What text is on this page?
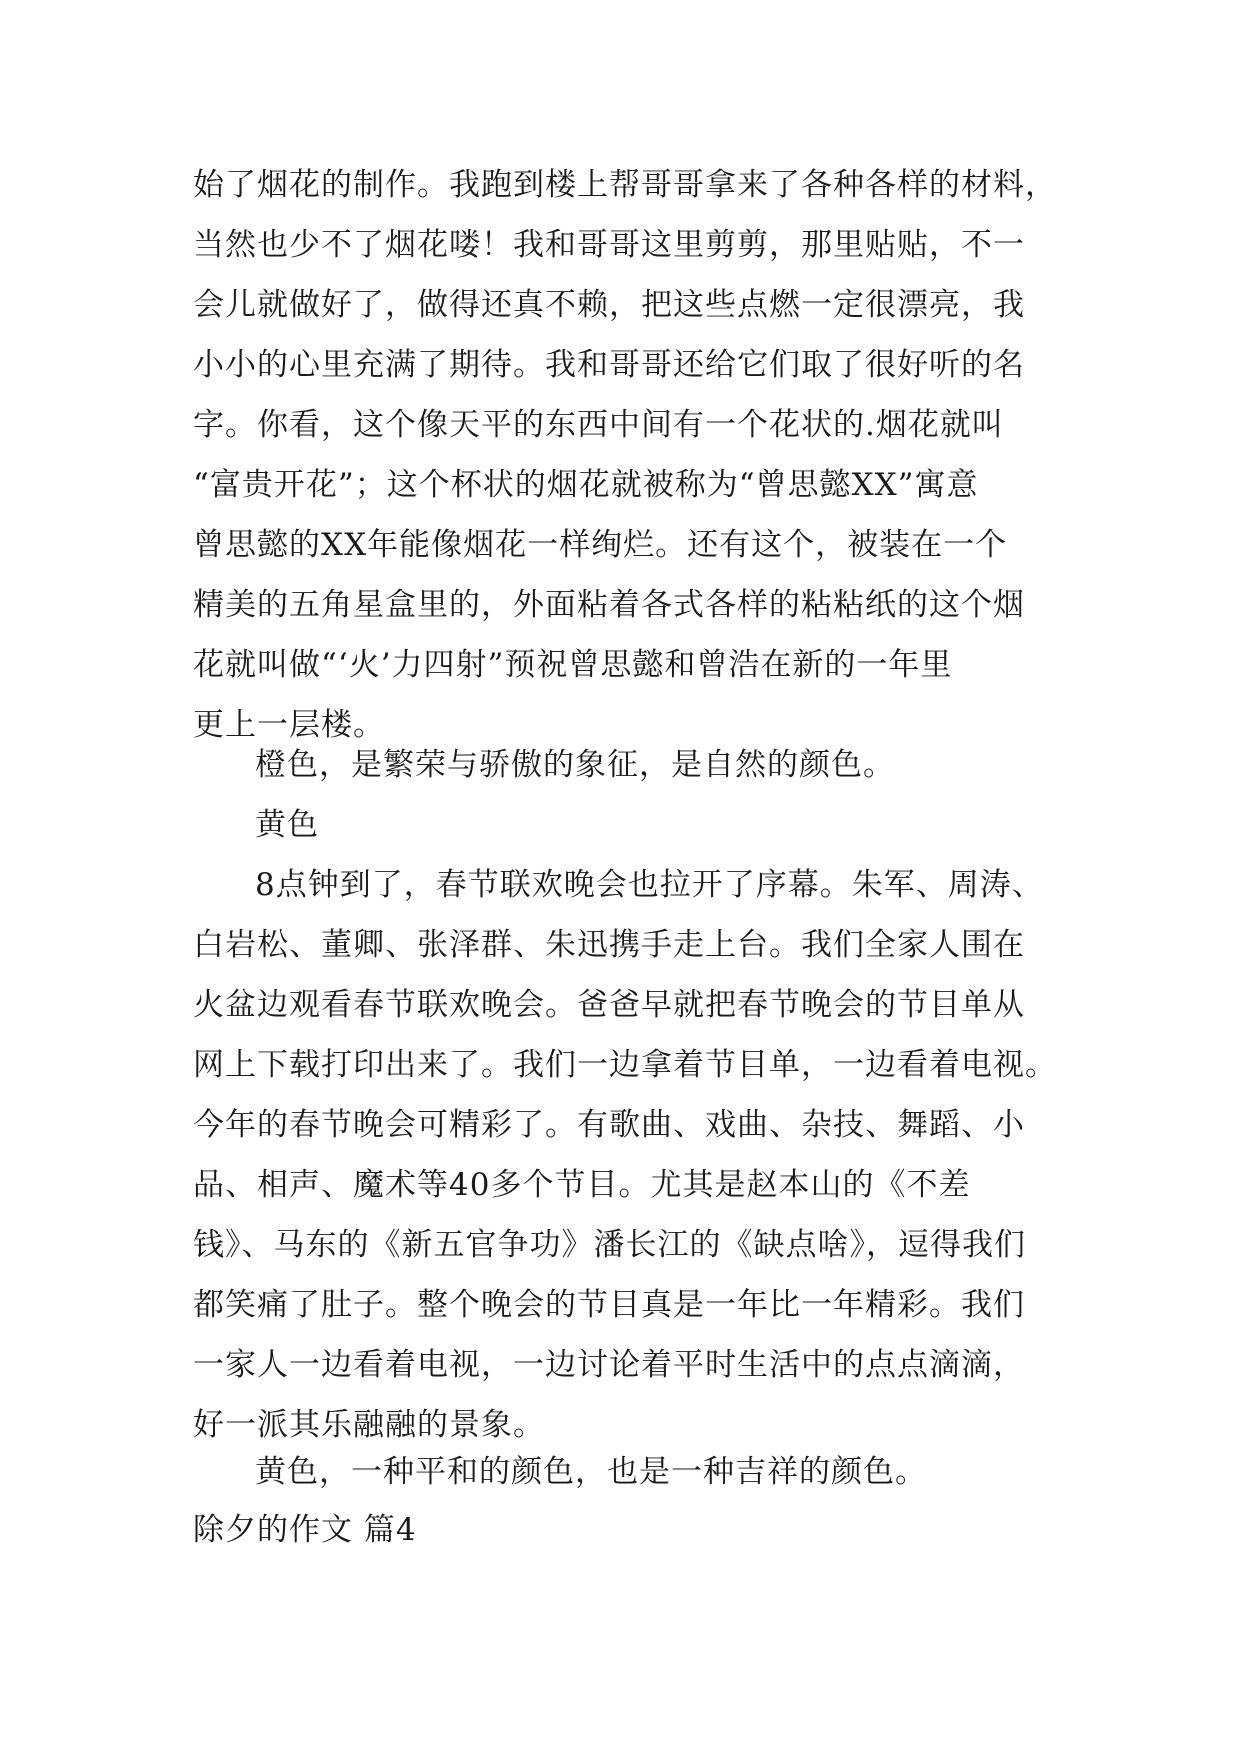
始了烟花的制作。我跑到楼上帮哥哥拿来了各种各样的材料，
当然也少不了烟花喽！我和哥哥这里剪剪，那里贴贴，不一
会儿就做好了，做得还真不赖，把这些点燃一定很漂亮，我
小小的心里充满了期待。我和哥哥还给它们取了很好听的名
字。你看，这个像天平的东西中间有一个花状的.烟花就叫
“富贵开花”；这个杯状的烟花就被称为“曾思懿XX”寓意
曾思懿的XX年能像烟花一样绚烂。还有这个，被装在一个
精美的五角星盒里的，外面粘着各式各样的粘粘纸的这个烟
花就叫做“‘火’力四射”预祝曾思懿和曾浩在新的一年里
更上一层楼。
橙色，是繁荣与骄傲的象征，是自然的颜色。
黄色
8点钟到了，春节联欢晚会也拉开了序幕。朱军、周涛、
白岩松、董卿、张泽群、朱迅携手走上台。我们全家人围在
火盆边观看春节联欢晚会。爸爸早就把春节晚会的节目单从
网上下载打印出来了。我们一边拿着节目单，一边看着电视。
今年的春节晚会可精彩了。有歌曲、戏曲、杂技、舞蹈、小
品、相声、魔术等40多个节目。尤其是赵本山的《不差
钱》、马东的《新五官争功》潘长江的《缺点啥》，逗得我们
都笑痛了肚子。整个晚会的节目真是一年比一年精彩。我们
一家人一边看着电视，一边讨论着平时生活中的点点滴滴，
好一派其乐融融的景象。
黄色，一种平和的颜色，也是一种吉祥的颜色。
除夕的作文 篇4
